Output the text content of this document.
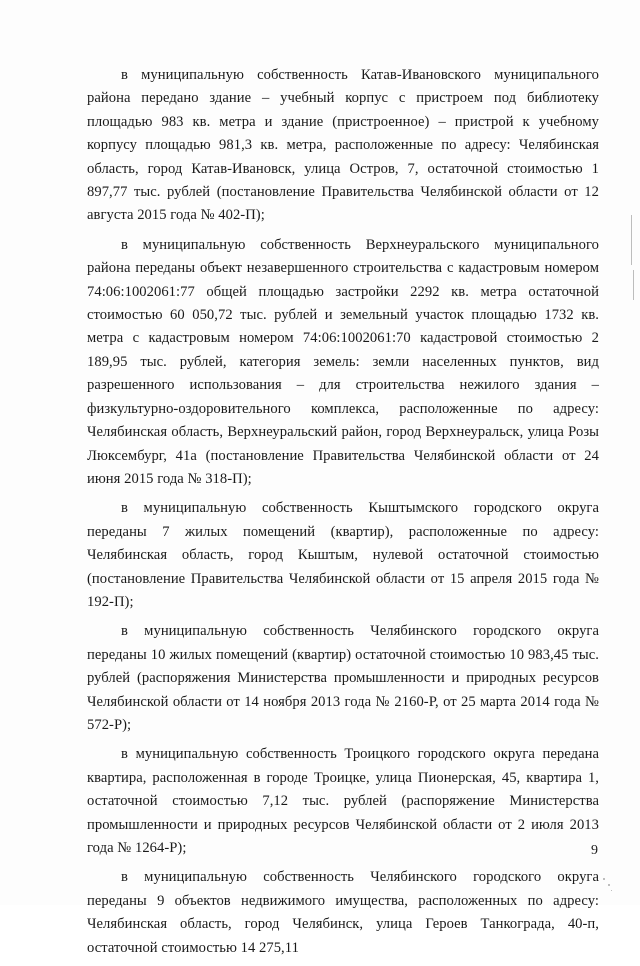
в муниципальную собственность Катав-Ивановского муниципального района передано здание – учебный корпус с пристроем под библиотеку площадью 983 кв. метра и здание (пристроенное) – пристрой к учебному корпусу площадью 981,3 кв. метра, расположенные по адресу: Челябинская область, город Катав-Ивановск, улица Остров, 7, остаточной стоимостью 1 897,77 тыс. рублей (постановление Правительства Челябинской области от 12 августа 2015 года № 402-П);

в муниципальную собственность Верхнеуральского муниципального района переданы объект незавершенного строительства с кадастровым номером 74:06:1002061:77 общей площадью застройки 2292 кв. метра остаточной стоимостью 60 050,72 тыс. рублей и земельный участок площадью 1732 кв. метра с кадастровым номером 74:06:1002061:70 кадастровой стоимостью 2 189,95 тыс. рублей, категория земель: земли населенных пунктов, вид разрешенного использования – для строительства нежилого здания – физкультурно-оздоровительного комплекса, расположенные по адресу: Челябинская область, Верхнеуральский район, город Верхнеуральск, улица Розы Люксембург, 41а (постановление Правительства Челябинской области от 24 июня 2015 года № 318-П);

в муниципальную собственность Кыштымского городского округа переданы 7 жилых помещений (квартир), расположенные по адресу: Челябинская область, город Кыштым, нулевой остаточной стоимостью (постановление Правительства Челябинской области от 15 апреля 2015 года № 192-П);

в муниципальную собственность Челябинского городского округа переданы 10 жилых помещений (квартир) остаточной стоимостью 10 983,45 тыс. рублей (распоряжения Министерства промышленности и природных ресурсов Челябинской области от 14 ноября 2013 года № 2160-Р, от 25 марта 2014 года № 572-Р);

в муниципальную собственность Троицкого городского округа передана квартира, расположенная в городе Троицке, улица Пионерская, 45, квартира 1, остаточной стоимостью 7,12 тыс. рублей (распоряжение Министерства промышленности и природных ресурсов Челябинской области от 2 июля 2013 года № 1264-Р);

в муниципальную собственность Челябинского городского округа переданы 9 объектов недвижимого имущества, расположенных по адресу: Челябинская область, город Челябинск, улица Героев Танкограда, 40-п, остаточной стоимостью 14 275,11

9
